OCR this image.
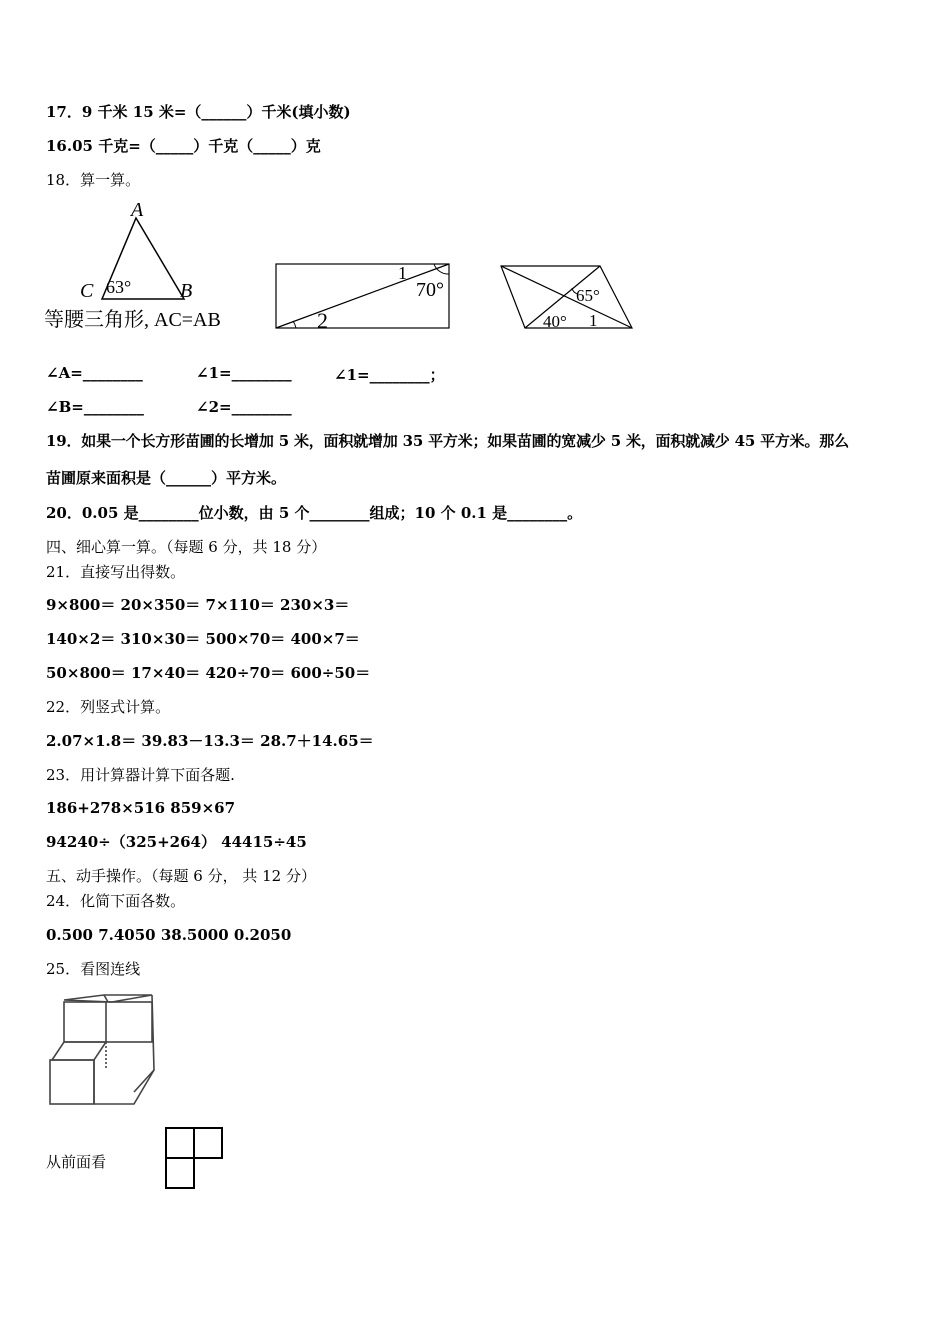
17．9 千米 15 米=（______）千米(填小数)
16.05 千克=（_____）千克（_____）克
18．算一算。
A
C 63° B
等腰三角形, AC=AB
1
70°
2
65°
40° 1
∠A=________	∠1=________	∠1=________；
∠B=________	∠2=________
19．如果一个长方形苗圃的长增加 5 米，面积就增加 35 平方米；如果苗圃的宽减少 5 米，面积就减少 45 平方米。那么
苗圃原来面积是（______）平方米。
20．0.05 是________位小数，由 5 个________组成；10 个 0.1 是________。
四、细心算一算。（每题 6 分，共 18 分）
21．直接写出得数。
9×800＝ 20×350＝ 7×110＝ 230×3＝
140×2＝ 310×30＝ 500×70＝ 400×7＝
50×800＝ 17×40＝ 420÷70＝ 600÷50＝
22．列竖式计算。
2.07×1.8＝ 39.83－13.3＝ 28.7＋14.65＝
23．用计算器计算下面各题.
186+278×516 859×67
94240÷（325+264） 44415÷45
五、动手操作。（每题 6 分， 共 12 分）
24．化简下面各数。
0.500 7.4050 38.5000 0.2050
25．看图连线
从前面看
